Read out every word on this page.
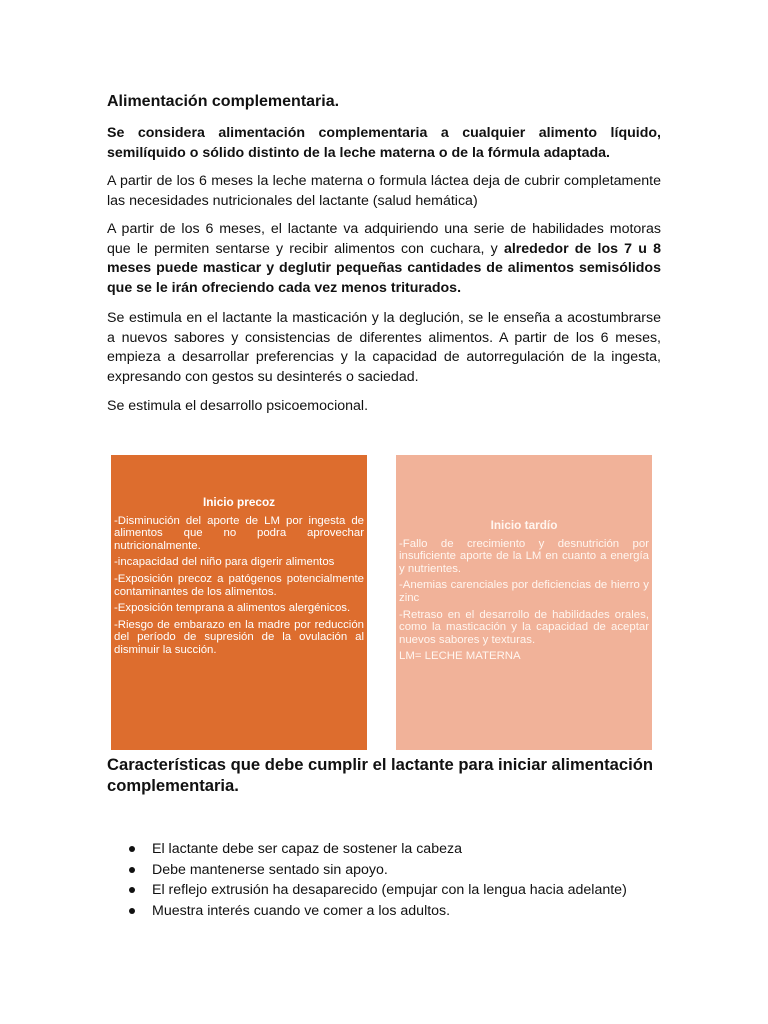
Alimentación complementaria.

Se considera alimentación complementaria a cualquier alimento líquido, semilíquido o sólido distinto de la leche materna o de la fórmula adaptada.

A partir de los 6 meses la leche materna o formula láctea deja de cubrir completamente las necesidades nutricionales del lactante (salud hemática)

A partir de los 6 meses, el lactante va adquiriendo una serie de habilidades motoras que le permiten sentarse y recibir alimentos con cuchara, y alrededor de los 7 u 8 meses puede masticar y deglutir pequeñas cantidades de alimentos semisólidos que se le irán ofreciendo cada vez menos triturados.

Se estimula en el lactante la masticación y la deglución, se le enseña a acostumbrarse a nuevos sabores y consistencias de diferentes alimentos. A partir de los 6 meses, empieza a desarrollar preferencias y la capacidad de autorregulación de la ingesta, expresando con gestos su desinterés o saciedad.

Se estimula el desarrollo psicoemocional.

Características que debe cumplir el lactante para iniciar alimentación complementaria.
El lactante debe ser capaz de sostener la cabeza
Debe mantenerse sentado sin apoyo.
El reflejo extrusión ha desaparecido (empujar con la lengua hacia adelante)
Muestra interés cuando ve comer a los adultos.
Inicio precoz

-Disminución del aporte de LM por ingesta de alimentos que no podra aprovechar nutricionalmente.

-incapacidad del niño para digerir alimentos

-Exposición precoz a patógenos potencialmente contaminantes de los alimentos.

-Exposición temprana a alimentos alergénicos.

-Riesgo de embarazo en la madre por reducción del período de supresión de la ovulación al disminuir la succión.

Inicio tardío

-Fallo de crecimiento y desnutrición por insuficiente aporte de la LM en cuanto a energía y nutrientes.

-Anemias carenciales por deficiencias de hierro y zinc

-Retraso en el desarrollo de habilidades orales, como la masticación y la capacidad de aceptar nuevos sabores y texturas.

LM= LECHE MATERNA
